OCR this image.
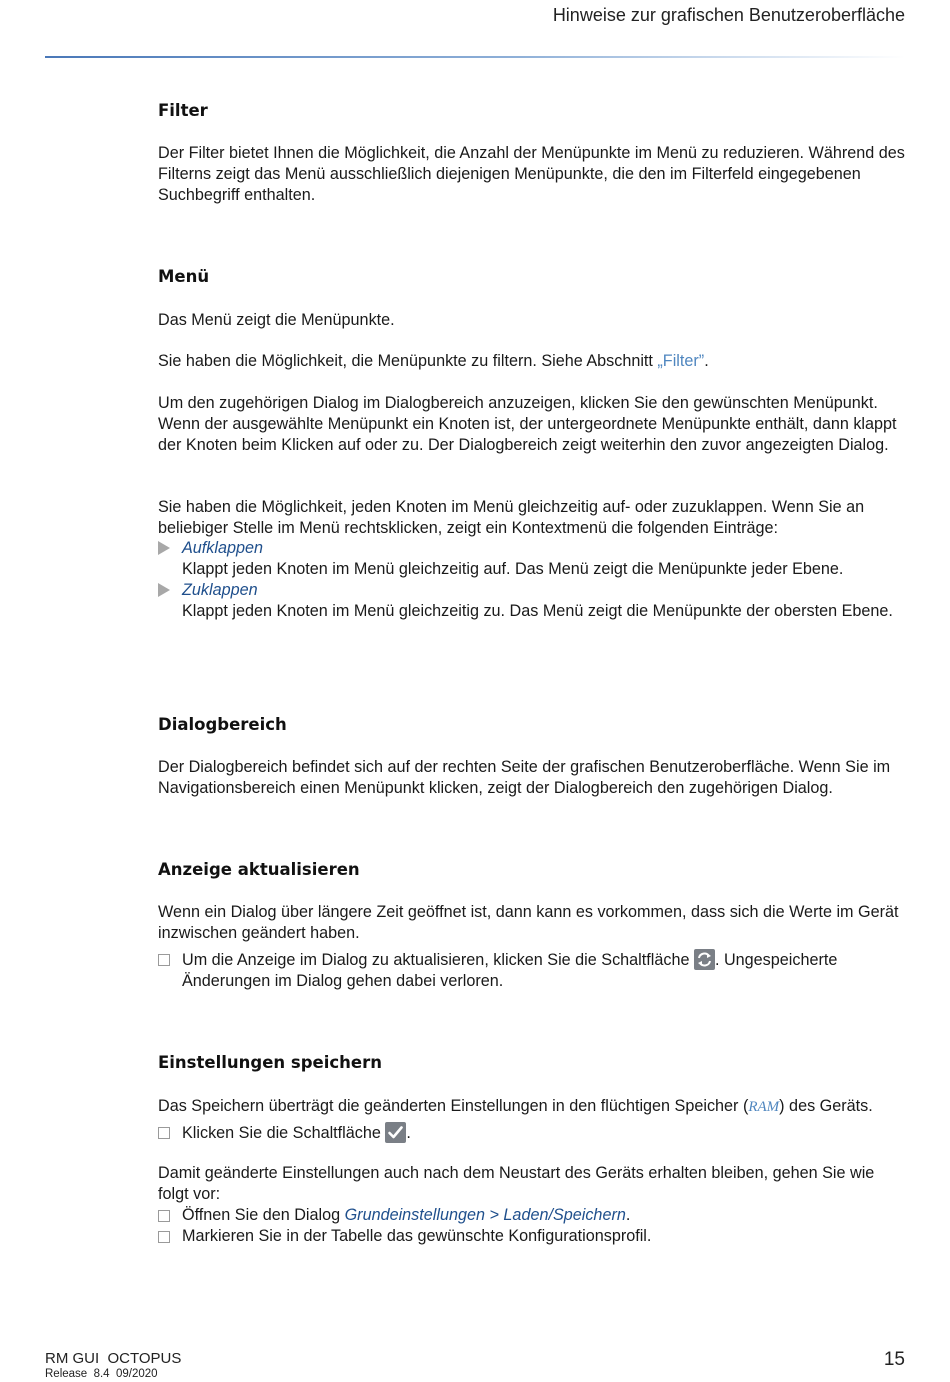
Hinweise zur grafischen Benutzeroberfläche
Filter

Der Filter bietet Ihnen die Möglichkeit, die Anzahl der Menüpunkte im Menü zu reduzieren. Während des Filterns zeigt das Menü ausschließlich diejenigen Menüpunkte, die den im Filterfeld eingegebenen Suchbegriff enthalten.

Menü

Das Menü zeigt die Menüpunkte.

Sie haben die Möglichkeit, die Menüpunkte zu filtern. Siehe Abschnitt „Filter”.

Um den zugehörigen Dialog im Dialogbereich anzuzeigen, klicken Sie den gewünschten Menüpunkt. Wenn der ausgewählte Menüpunkt ein Knoten ist, der untergeordnete Menüpunkte enthält, dann klappt der Knoten beim Klicken auf oder zu. Der Dialogbereich zeigt weiterhin den zuvor angezeigten Dialog.

Sie haben die Möglichkeit, jeden Knoten im Menü gleichzeitig auf- oder zuzuklappen. Wenn Sie an beliebiger Stelle im Menü rechtsklicken, zeigt ein Kontextmenü die folgenden Einträge:

Aufklappen
Klappt jeden Knoten im Menü gleichzeitig auf. Das Menü zeigt die Menüpunkte jeder Ebene.
Zuklappen
Klappt jeden Knoten im Menü gleichzeitig zu. Das Menü zeigt die Menüpunkte der obersten Ebene.
Dialogbereich

Der Dialogbereich befindet sich auf der rechten Seite der grafischen Benutzeroberfläche. Wenn Sie im Navigationsbereich einen Menüpunkt klicken, zeigt der Dialogbereich den zugehörigen Dialog.

Anzeige aktualisieren

Wenn ein Dialog über längere Zeit geöffnet ist, dann kann es vorkommen, dass sich die Werte im Gerät inzwischen geändert haben.

Um die Anzeige im Dialog zu aktualisieren, klicken Sie die Schaltfläche
. Ungespeicherte Änderungen im Dialog gehen dabei verloren.
Einstellungen speichern

Das Speichern überträgt die geänderten Einstellungen in den flüchtigen Speicher (RAM) des Geräts.

Klicken Sie die Schaltfläche
.

Damit geänderte Einstellungen auch nach dem Neustart des Geräts erhalten bleiben, gehen Sie wie folgt vor:

Öffnen Sie den Dialog Grundeinstellungen > Laden/Speichern.
Markieren Sie in der Tabelle das gewünschte Konfigurationsprofil.
RM GUI  OCTOPUS
Release  8.4  09/2020
15
